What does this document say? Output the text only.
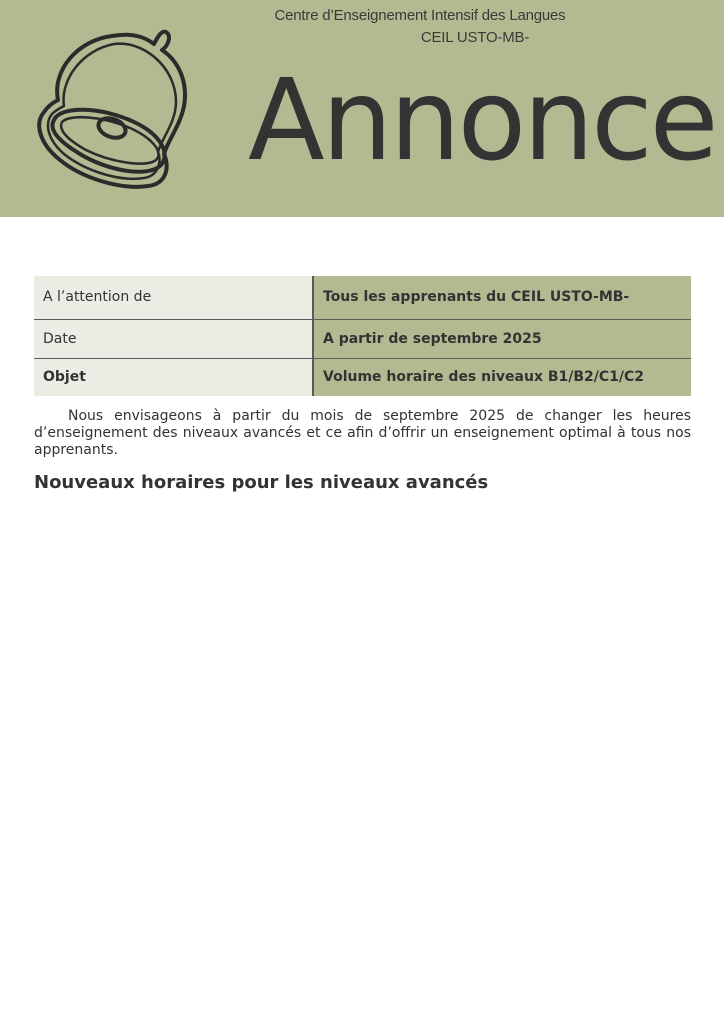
Centre d’Enseignement Intensif des Langues
CEIL USTO-MB-
Annonce
A l’attention de	Tous les apprenants du CEIL USTO-MB-
Date	A partir de septembre 2025
Objet	Volume horaire des niveaux B1/B2/C1/C2

Nous envisageons à partir du mois de septembre 2025 de changer les heures d’enseignement des niveaux avancés et ce afin d’offrir un enseignement optimal à tous nos apprenants.

Nouveaux horaires pour les niveaux avancés
